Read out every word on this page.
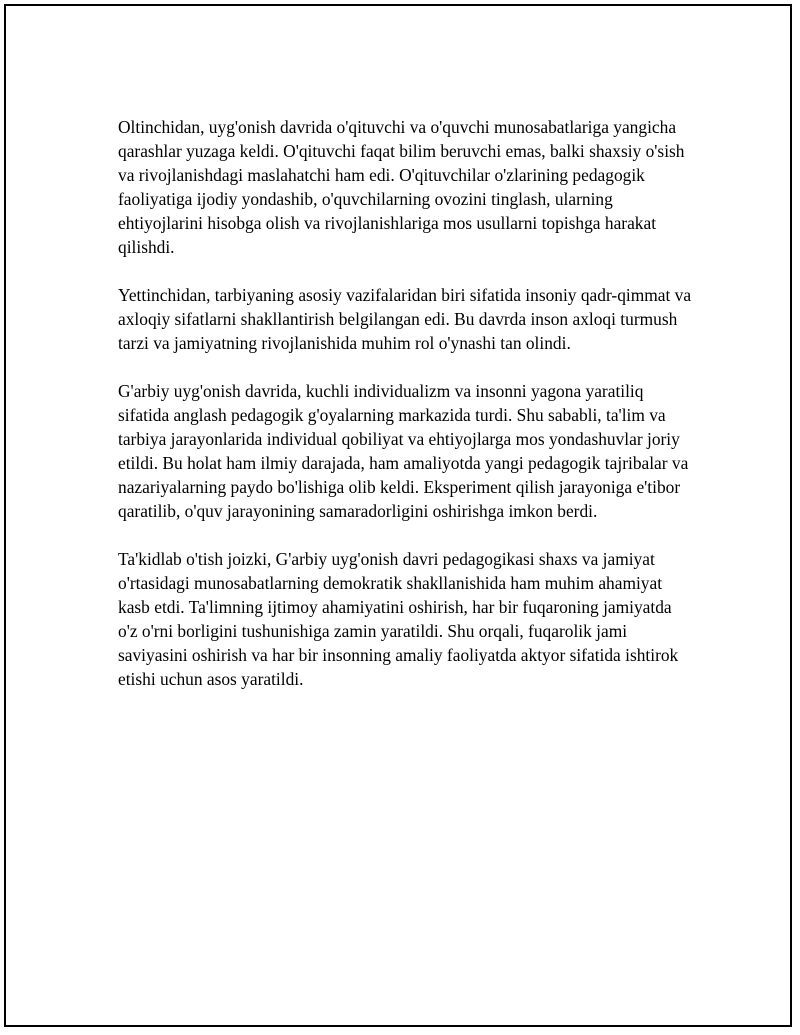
Oltinchidan, uyg'onish davrida o'qituvchi va o'quvchi munosabatlariga yangicha qarashlar yuzaga keldi. O'qituvchi faqat bilim beruvchi emas, balki shaxsiy o'sish va rivojlanishdagi maslahatchi ham edi. O'qituvchilar o'zlarining pedagogik faoliyatiga ijodiy yondashib, o'quvchilarning ovozini tinglash, ularning ehtiyojlarini hisobga olish va rivojlanishlariga mos usullarni topishga harakat qilishdi.

Yettinchidan, tarbiyaning asosiy vazifalaridan biri sifatida insoniy qadr-qimmat va axloqiy sifatlarni shakllantirish belgilangan edi. Bu davrda inson axloqi turmush tarzi va jamiyatning rivojlanishida muhim rol o'ynashi tan olindi.

G'arbiy uyg'onish davrida, kuchli individualizm va insonni yagona yaratiliq sifatida anglash pedagogik g'oyalarning markazida turdi. Shu sababli, ta'lim va tarbiya jarayonlarida individual qobiliyat va ehtiyojlarga mos yondashuvlar joriy etildi. Bu holat ham ilmiy darajada, ham amaliyotda yangi pedagogik tajribalar va nazariyalarning paydo bo'lishiga olib keldi. Eksperiment qilish jarayoniga e'tibor qaratilib, o'quv jarayonining samaradorligini oshirishga imkon berdi.

Ta'kidlab o'tish joizki, G'arbiy uyg'onish davri pedagogikasi shaxs va jamiyat o'rtasidagi munosabatlarning demokratik shakllanishida ham muhim ahamiyat kasb etdi. Ta'limning ijtimoy ahamiyatini oshirish, har bir fuqaroning jamiyatda o'z o'rni borligini tushunishiga zamin yaratildi. Shu orqali, fuqarolik jami saviyasini oshirish va har bir insonning amaliy faoliyatda aktyor sifatida ishtirok etishi uchun asos yaratildi.
